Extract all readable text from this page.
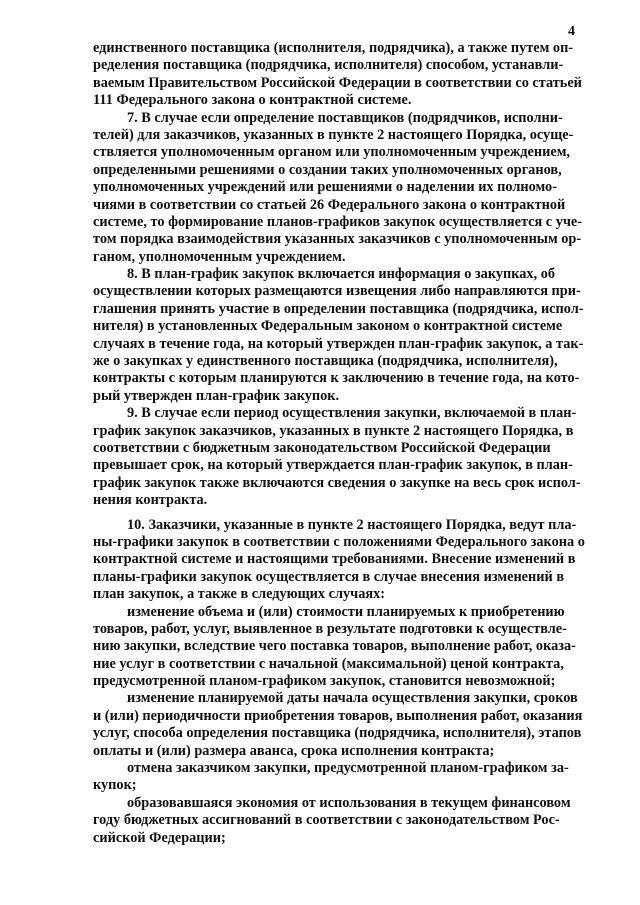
4
единственного поставщика (исполнителя, подрядчика), а также путем оп-
ределения поставщика (подрядчика, исполнителя) способом, устанавли-
ваемым Правительством Российской Федерации в соответствии со статьей
111 Федерального закона о контрактной системе.
7. В случае если определение поставщиков (подрядчиков, исполни-
телей) для заказчиков, указанных в пункте 2 настоящего Порядка, осуще-
ствляется уполномоченным органом или уполномоченным учреждением,
определенными решениями о создании таких уполномоченных органов,
уполномоченных учреждений или решениями о наделении их полномо-
чиями в соответствии со статьей 26 Федерального закона о контрактной
системе, то формирование планов-графиков закупок осуществляется с уче-
том порядка взаимодействия указанных заказчиков с уполномоченным ор-
ганом, уполномоченным учреждением.
8. В план-график закупок включается информация о закупках, об
осуществлении которых размещаются извещения либо направляются при-
глашения принять участие в определении поставщика (подрядчика, испол-
нителя) в установленных Федеральным законом о контрактной системе
случаях в течение года, на который утвержден план-график закупок, а так-
же о закупках у единственного поставщика (подрядчика, исполнителя),
контракты с которым планируются к заключению в течение года, на кото-
рый утвержден план-график закупок.
9. В случае если период осуществления закупки, включаемой в план-
график закупок заказчиков, указанных в пункте 2 настоящего Порядка, в
соответствии с бюджетным законодательством Российской Федерации
превышает срок, на который утверждается план-график закупок, в план-
график закупок также включаются сведения о закупке на весь срок испол-
нения контракта.
10. Заказчики, указанные в пункте 2 настоящего Порядка, ведут пла-
ны-графики закупок в соответствии с положениями Федерального закона о
контрактной системе и настоящими требованиями. Внесение изменений в
планы-графики закупок осуществляется в случае внесения изменений в
план закупок, а также в следующих случаях:
изменение объема и (или) стоимости планируемых к приобретению
товаров, работ, услуг, выявленное в результате подготовки к осуществле-
нию закупки, вследствие чего поставка товаров, выполнение работ, оказа-
ние услуг в соответствии с начальной (максимальной) ценой контракта,
предусмотренной планом-графиком закупок, становится невозможной;
изменение планируемой даты начала осуществления закупки, сроков
и (или) периодичности приобретения товаров, выполнения работ, оказания
услуг, способа определения поставщика (подрядчика, исполнителя), этапов
оплаты и (или) размера аванса, срока исполнения контракта;
отмена заказчиком закупки, предусмотренной планом-графиком за-
купок;
образовавшаяся экономия от использования в текущем финансовом
году бюджетных ассигнований в соответствии с законодательством Рос-
сийской Федерации;
